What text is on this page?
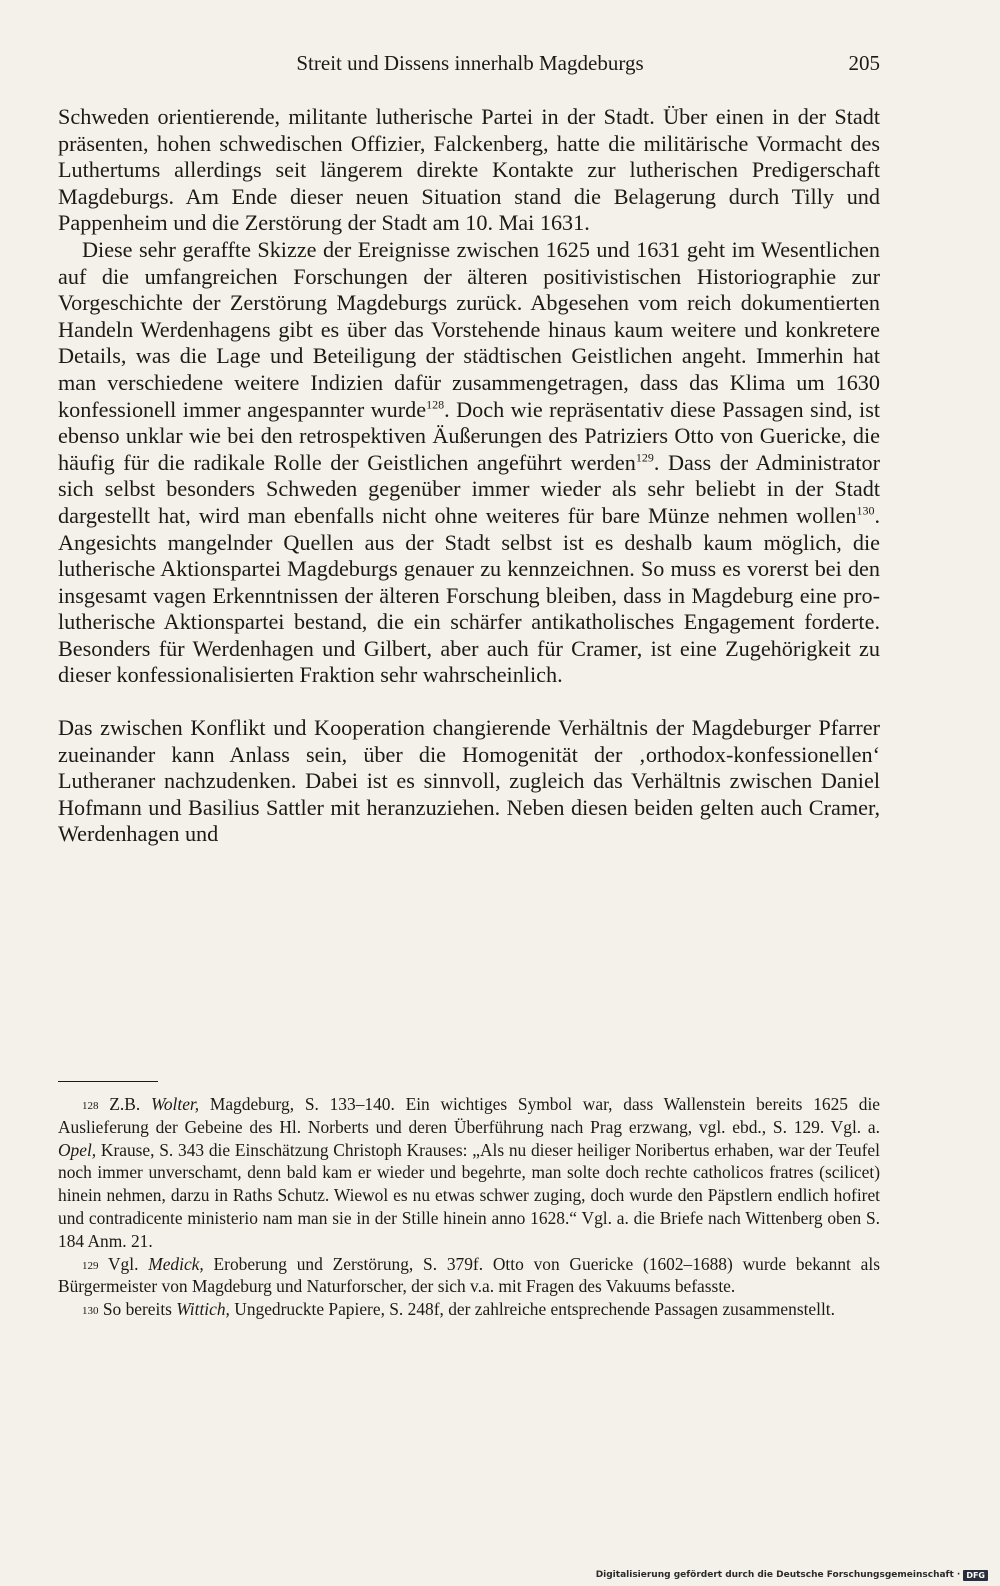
Streit und Dissens innerhalb Magdeburgs	205

Schweden orientierende, militante lutherische Partei in der Stadt. Über einen in der Stadt präsenten, hohen schwedischen Offizier, Falckenberg, hatte die militärische Vormacht des Luthertums allerdings seit längerem direkte Kontakte zur lutherischen Predigerschaft Magdeburgs. Am Ende dieser neuen Situation stand die Belagerung durch Tilly und Pappenheim und die Zerstörung der Stadt am 10. Mai 1631.

Diese sehr geraffte Skizze der Ereignisse zwischen 1625 und 1631 geht im Wesentlichen auf die umfangreichen Forschungen der älteren positivistischen Historiographie zur Vorgeschichte der Zerstörung Magdeburgs zurück. Abgesehen vom reich dokumentierten Handeln Werdenhagens gibt es über das Vorstehende hinaus kaum weitere und konkretere Details, was die Lage und Beteiligung der städtischen Geistlichen angeht. Immerhin hat man verschiedene weitere Indizien dafür zusammengetragen, dass das Klima um 1630 konfessionell immer angespannter wurde$^{128}$. Doch wie repräsentativ diese Passagen sind, ist ebenso unklar wie bei den retrospektiven Äußerungen des Patriziers Otto von Guericke, die häufig für die radikale Rolle der Geistlichen angeführt werden$^{129}$. Dass der Administrator sich selbst besonders Schweden gegenüber immer wieder als sehr beliebt in der Stadt dargestellt hat, wird man ebenfalls nicht ohne weiteres für bare Münze nehmen wollen$^{130}$. Angesichts mangelnder Quellen aus der Stadt selbst ist es deshalb kaum möglich, die lutherische Aktionspartei Magdeburgs genauer zu kennzeichnen. So muss es vorerst bei den insgesamt vagen Erkenntnissen der älteren Forschung bleiben, dass in Magdeburg eine pro-lutherische Aktionspartei bestand, die ein schärfer antikatholisches Engagement forderte. Besonders für Werdenhagen und Gilbert, aber auch für Cramer, ist eine Zugehörigkeit zu dieser konfessionalisierten Fraktion sehr wahrscheinlich.

Das zwischen Konflikt und Kooperation changierende Verhältnis der Magdeburger Pfarrer zueinander kann Anlass sein, über die Homogenität der ‚orthodox-konfessionellen‘ Lutheraner nachzudenken. Dabei ist es sinnvoll, zugleich das Verhältnis zwischen Daniel Hofmann und Basilius Sattler mit heranzuziehen. Neben diesen beiden gelten auch Cramer, Werdenhagen und

$^{128}$ Z.B. Wolter, Magdeburg, S. 133–140. Ein wichtiges Symbol war, dass Wallenstein bereits 1625 die Auslieferung der Gebeine des Hl. Norberts und deren Überführung nach Prag erzwang, vgl. ebd., S. 129. Vgl. a. Opel, Krause, S. 343 die Einschätzung Christoph Krauses: „Als nu dieser heiliger Noribertus erhaben, war der Teufel noch immer unverschamt, denn bald kam er wieder und begehrte, man solte doch rechte catholicos fratres (scilicet) hinein nehmen, darzu in Raths Schutz. Wiewol es nu etwas schwer zuging, doch wurde den Päpstlern endlich hofiret und contradicente ministerio nam man sie in der Stille hinein anno 1628.“ Vgl. a. die Briefe nach Wittenberg oben S. 184 Anm. 21.

$^{129}$ Vgl. Medick, Eroberung und Zerstörung, S. 379f. Otto von Guericke (1602–1688) wurde bekannt als Bürgermeister von Magdeburg und Naturforscher, der sich v.a. mit Fragen des Vakuums befasste.

$^{130}$ So bereits Wittich, Ungedruckte Papiere, S. 248f, der zahlreiche entsprechende Passagen zusammenstellt.

Digitalisierung gefördert durch die Deutsche Forschungsgemeinschaft · DFG
